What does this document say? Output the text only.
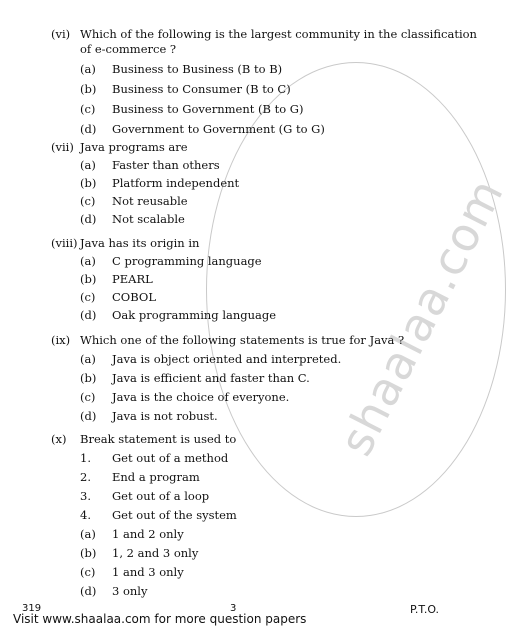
shaalaa.com
(vi) Which of the following is the largest community in the classification
of e-commerce ?
(a) Business to Business (B to B)
(b) Business to Consumer (B to C)
(c) Business to Government (B to G)
(d) Government to Government (G to G)
(vii) Java programs are
(a) Faster than others
(b) Platform independent
(c) Not reusable
(d) Not scalable
(viii) Java has its origin in
(a) C programming language
(b) PEARL
(c) COBOL
(d) Oak programming language
(ix) Which one of the following statements is true for Java ?
(a) Java is object oriented and interpreted.
(b) Java is efficient and faster than C.
(c) Java is the choice of everyone.
(d) Java is not robust.
(x) Break statement is used to
1. Get out of a method
2. End a program
3. Get out of a loop
4. Get out of the system
(a) 1 and 2 only
(b) 1, 2 and 3 only
(c) 1 and 3 only
(d) 3 only
319	3	P.T.O.
Visit www.shaalaa.com for more question papers
